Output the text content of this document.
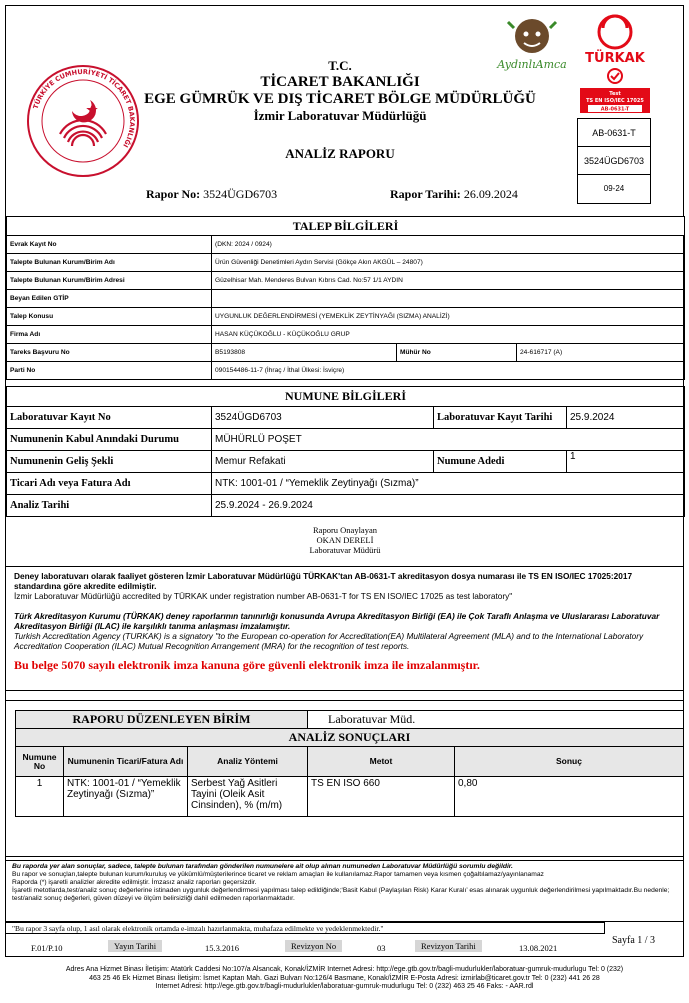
TÜRKİYE CUMHURİYETİ TİCARET BAKANLIĞI
AydınlıAmca TÜRKAK
Test
TS EN ISO/IEC 17025
AB-0631-T
AB-0631-T
3524ÜGD6703
09-24
T.C.
TİCARET BAKANLIĞI
EGE GÜMRÜK VE DIŞ TİCARET BÖLGE MÜDÜRLÜĞÜ
İzmir Laboratuvar Müdürlüğü
ANALİZ RAPORU
Rapor No: 3524ÜGD6703	Rapor Tarihi: 26.09.2024
TALEP BİLGİLERİ			
Evrak Kayıt No	(DKN: 2024 / 0924)		
Talepte Bulunan Kurum/Birim Adı	Ürün Güvenliği Denetimleri Aydın Servisi (Gökçe Akın AKGÜL – 24807)		
Talepte Bulunan Kurum/Birim Adresi	Güzelhisar Mah. Menderes Bulvarı Kıbrıs Cad. No:57 1/1 AYDIN		
Beyan Edilen GTİP			
Talep Konusu	UYGUNLUK DEĞERLENDİRMESİ (YEMEKLİK ZEYTİNYAĞI (SIZMA) ANALİZİ)		
Firma Adı	HASAN KÜÇÜKOĞLU - KÜÇÜKOĞLU GRUP		
Tareks Başvuru No	B5193808	Mühür No	24-616717 (A)
Parti No	090154486-11-7 (İhraç / İthal Ülkesi: İsviçre)		
NUMUNE BİLGİLERİ			
Laboratuvar Kayıt No	3524ÜGD6703	Laboratuvar Kayıt Tarihi	25.9.2024
Numunenin Kabul Anındaki Durumu	MÜHÜRLÜ POŞET		
Numunenin Geliş Şekli	Memur Refakati	Numune Adedi	1
Ticari Adı veya Fatura Adı	NTK: 1001-01 / “Yemeklik Zeytinyağı (Sızma)”		
Analiz Tarihi	25.9.2024 - 26.9.2024		
Raporu Onaylayan
OKAN DERELİ
Laboratuvar Müdürü
Deney laboratuvarı olarak faaliyet gösteren İzmir Laboratuvar Müdürlüğü TÜRKAK'tan AB-0631-T akreditasyon dosya numarası ile TS EN ISO/IEC 17025:2017 standardına göre akredite edilmiştir.
İzmir Laboratuvar Müdürlüğü accredited by TÜRKAK under registration number AB-0631-T for TS EN ISO/IEC 17025 as test laboratory"
Türk Akreditasyon Kurumu (TÜRKAK) deney raporlarının tanınırlığı konusunda Avrupa Akreditasyon Birliği (EA) ile Çok Taraflı Anlaşma ve Uluslararası Laboratuvar Akreditasyon Birliği (ILAC) ile karşılıklı tanıma anlaşması imzalamıştır.
Turkish Accreditation Agency (TURKAK) is a signatory "to the European co-operation for Accreditation(EA) Multilateral Agreement (MLA) and to the International Laboratory Accreditation Cooperation (ILAC) Mutual Recognition Arrangement (MRA) for the recognition of test reports.
Bu belge 5070 sayılı elektronik imza kanuna göre güvenli elektronik imza ile imzalanmıştır.
RAPORU DÜZENLEYEN BİRİM			Laboratuvar Müd.	
ANALİZ SONUÇLARI				
Numune No	Numunenin Ticari/Fatura Adı	Analiz Yöntemi	Metot	Sonuç
1	NTK: 1001-01 / “Yemeklik Zeytinyağı (Sızma)”	Serbest Yağ Asitleri Tayini (Oleik Asit Cinsinden), % (m/m)	TS EN ISO 660	0,80
Bu raporda yer alan sonuçlar, sadece, talepte bulunan tarafından gönderilen numunelere ait olup alınan numuneden Laboratuvar Müdürlüğü sorumlu değildir.
Bu rapor ve sonuçları,talepte bulunan kurum/kuruluş ve yükümlü/müşterilerince ticaret ve reklam amaçları ile kullanılamaz.Rapor tamamen veya kısmen çoğaltılamaz/yayınlanamaz
Raporda (*) işaretli analizler akredite edilmiştir. İmzasız analiz raporları geçersizdir.
İşaretli metotlarda,test/analiz sonuç değerlerine istinaden uygunluk değerlendirmesi yapılması talep edildiğinde;‘Basit Kabul (Paylaşılan Risk) Karar Kuralı’ esas alınarak uygunluk değerlendirilmesi yapılmaktadır.Bu nedenle; test/analiz sonuç değerleri, güven düzeyi ve ölçüm belirsizliği dahil edilmeden raporlanmaktadır.
"Bu rapor 3 sayfa olup, 1 asıl olarak elektronik ortamda e-imzalı hazırlanmakta, muhafaza edilmekte ve yedeklenmektedir."
F.01/P.10	Yayın Tarihi	15.3.2016	Revizyon No	03	Revizyon Tarihi	13.08.2021
Sayfa 1 / 3
Adres Ana Hizmet Binası İletişim: Atatürk Caddesi No:107/a Alsancak, Konak/İZMİR Internet Adresi: http://ege.gtb.gov.tr/bagli-mudurlukler/laboratuar-gumruk-mudurlugu Tel: 0 (232)
463 25 46 Ek Hizmet Binası İletişim: İsmet Kaptan Mah. Gazi Bulvarı No:126/4 Basmane, Konak/İZMİR E-Posta Adresi: izmirlab@ticaret.gov.tr Tel: 0 (232) 441 26 28
Internet Adresi: http://ege.gtb.gov.tr/bagli-mudurlukler/laboratuar-gumruk-mudurlugu Tel: 0 (232) 463 25 46 Faks: - AAR.rdl
